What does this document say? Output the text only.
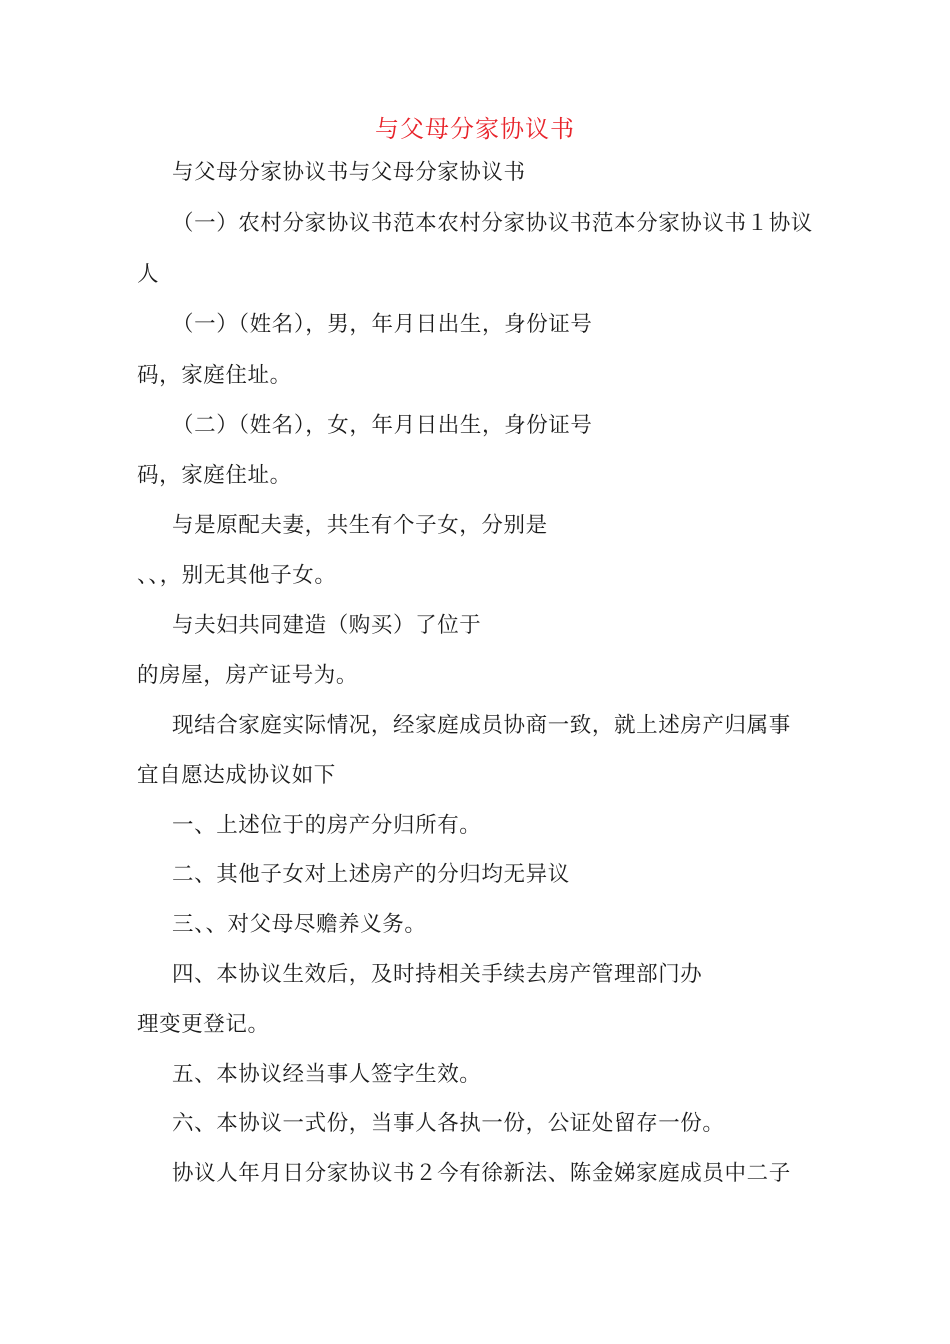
与父母分家协议书
与父母分家协议书与父母分家协议书
（一）农村分家协议书范本农村分家协议书范本分家协议书１协议
人
（一）（姓名），男，年月日出生，身份证号
码，家庭住址。
（二）（姓名），女，年月日出生，身份证号
码，家庭住址。
与是原配夫妻，共生有个子女，分别是
、、，别无其他子女。
与夫妇共同建造（购买）了位于
的房屋，房产证号为。
现结合家庭实际情况，经家庭成员协商一致，就上述房产归属事
宜自愿达成协议如下
一、上述位于的房产分归所有。
二、其他子女对上述房产的分归均无异议
三、、对父母尽赡养义务。
四、本协议生效后，及时持相关手续去房产管理部门办
理变更登记。
五、本协议经当事人签字生效。
六、本协议一式份，当事人各执一份，公证处留存一份。
协议人年月日分家协议书２今有徐新法、陈金娣家庭成员中二子
